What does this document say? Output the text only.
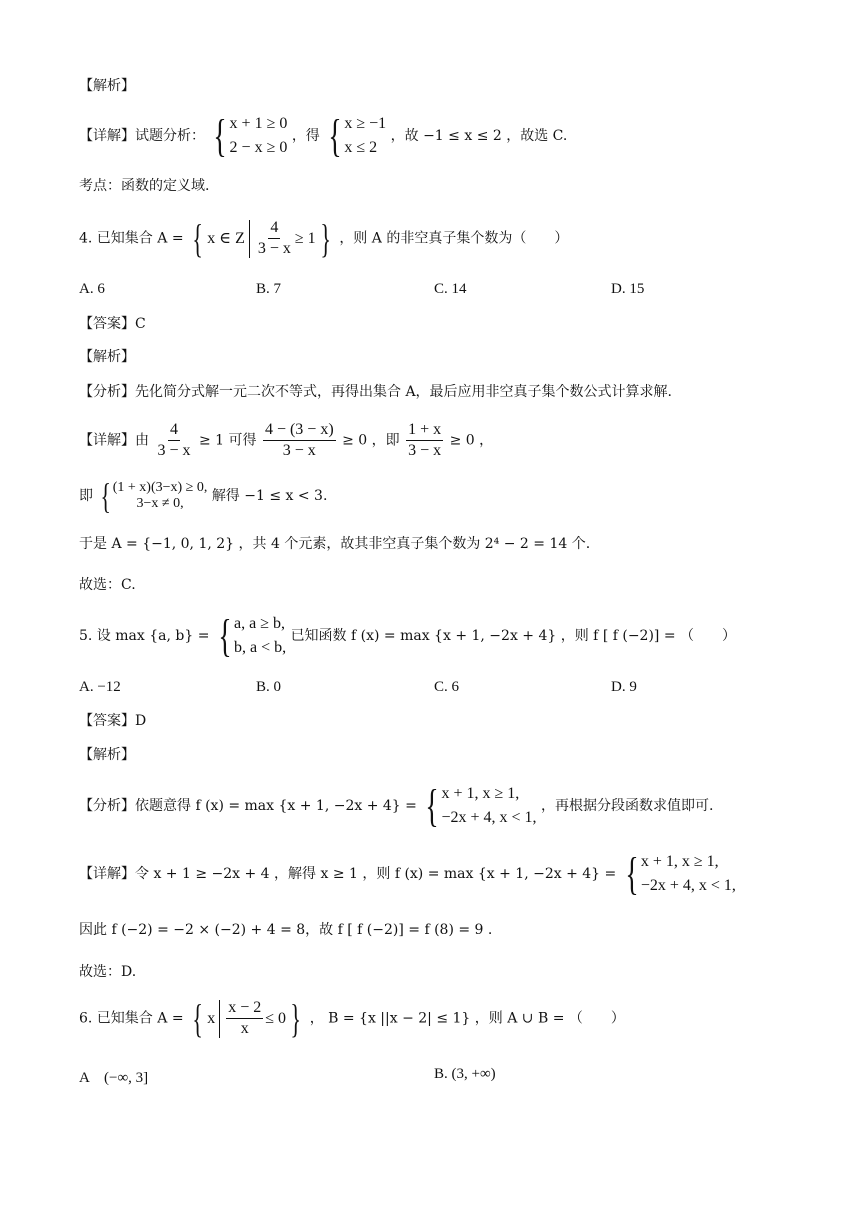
【解析】
【详解】试题分析： { x + 1 ≥ 0
2 − x ≥ 0
，得 { x ≥ −1
x ≤ 2
，故 −1 ≤ x ≤ 2 ，故选 C.
考点：函数的定义域.
4. 已知集合 A = { x ∈ Z $\frac{4}{3 - x} \ge 1$ } ，则 A 的非空真子集个数为（　　）
A. 6	B. 7	C. 14	D. 15
【答案】C
【解析】
【分析】先化简分式解一元二次不等式，再得出集合 A，最后应用非空真子集个数公式计算求解.
【详解】由 $\frac{4}{3 - x} \ge 1$ 可得 $\frac{4 - (3 - x)}{3 - x} \ge 0$ ，即 $\frac{1 + x}{3 - x} \ge 0$ ，
即 { (1 + x)(3−x) ≥ 0,
3−x ≠ 0, 解得 −1 ≤ x < 3.
于是 A = {−1, 0, 1, 2} ，共 4 个元素，故其非空真子集个数为 2⁴ − 2 = 14 个.
故选：C.
5. 设 max {a, b} = { a, a ≥ b,
b, a < b,
已知函数 f (x) = max {x + 1, −2x + 4} ，则 f [ f (−2)] = （　　）
A. −12	B. 0	C. 6	D. 9
【答案】D
【解析】
【分析】依题意得 f (x) = max {x + 1, −2x + 4} = { x + 1, x ≥ 1,
−2x + 4, x < 1,
，再根据分段函数求值即可.
【详解】令 x + 1 ≥ −2x + 4 ，解得 x ≥ 1 ，则 f (x) = max {x + 1, −2x + 4} = { x + 1, x ≥ 1,
−2x + 4, x < 1,
因此 f (−2) = −2 × (−2) + 4 = 8，故 f [ f (−2)] = f (8) = 9 .
故选：D.
6. 已知集合 A = { x $\frac{x - 2}{x} \le 0$ } ， B = {x ||x − 2| ≤ 1} ，则 A ∪ B = （　　）
A　(−∞, 3]	B. (3, +∞)
